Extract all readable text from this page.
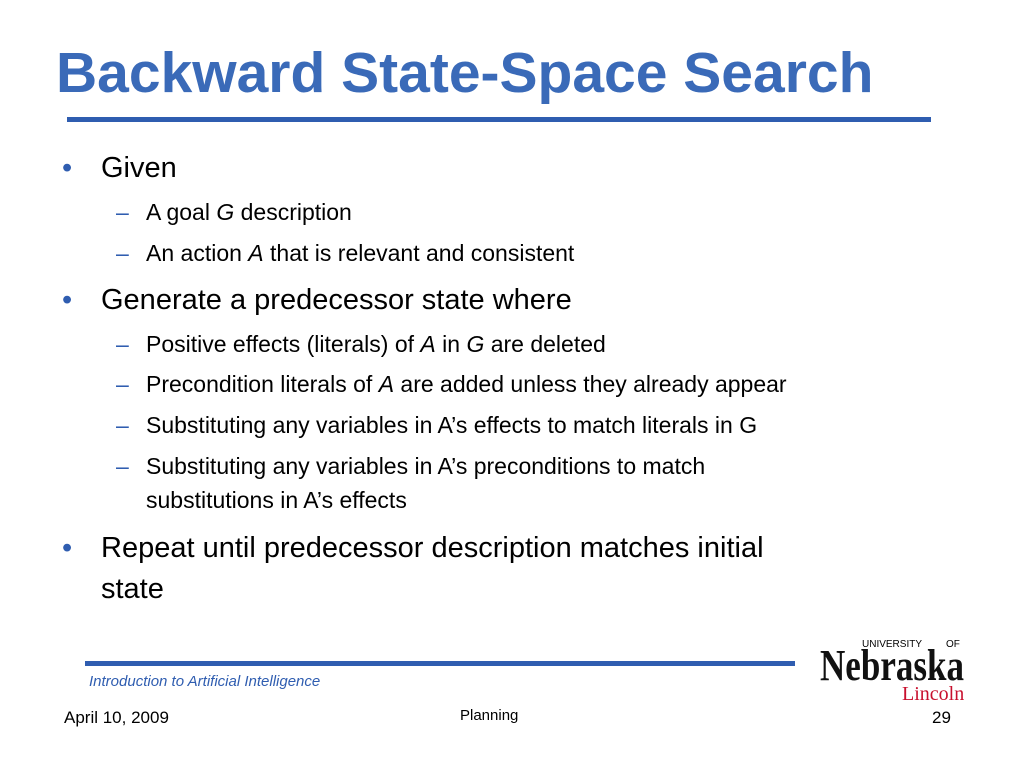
Backward State-Space Search
• Given
– A goal G description
– An action A that is relevant and consistent
• Generate a predecessor state where
– Positive effects (literals) of A in G are deleted
– Precondition literals of A are added unless they already appear
– Substituting any variables in A’s effects to match literals in G
– Substituting any variables in A’s preconditions to match
substitutions in A’s effects
• Repeat until predecessor description matches initial
state
Introduction to Artificial Intelligence
April 10, 2009	Planning	29
UNIVERSITY OF
Nebraska
Lincoln
